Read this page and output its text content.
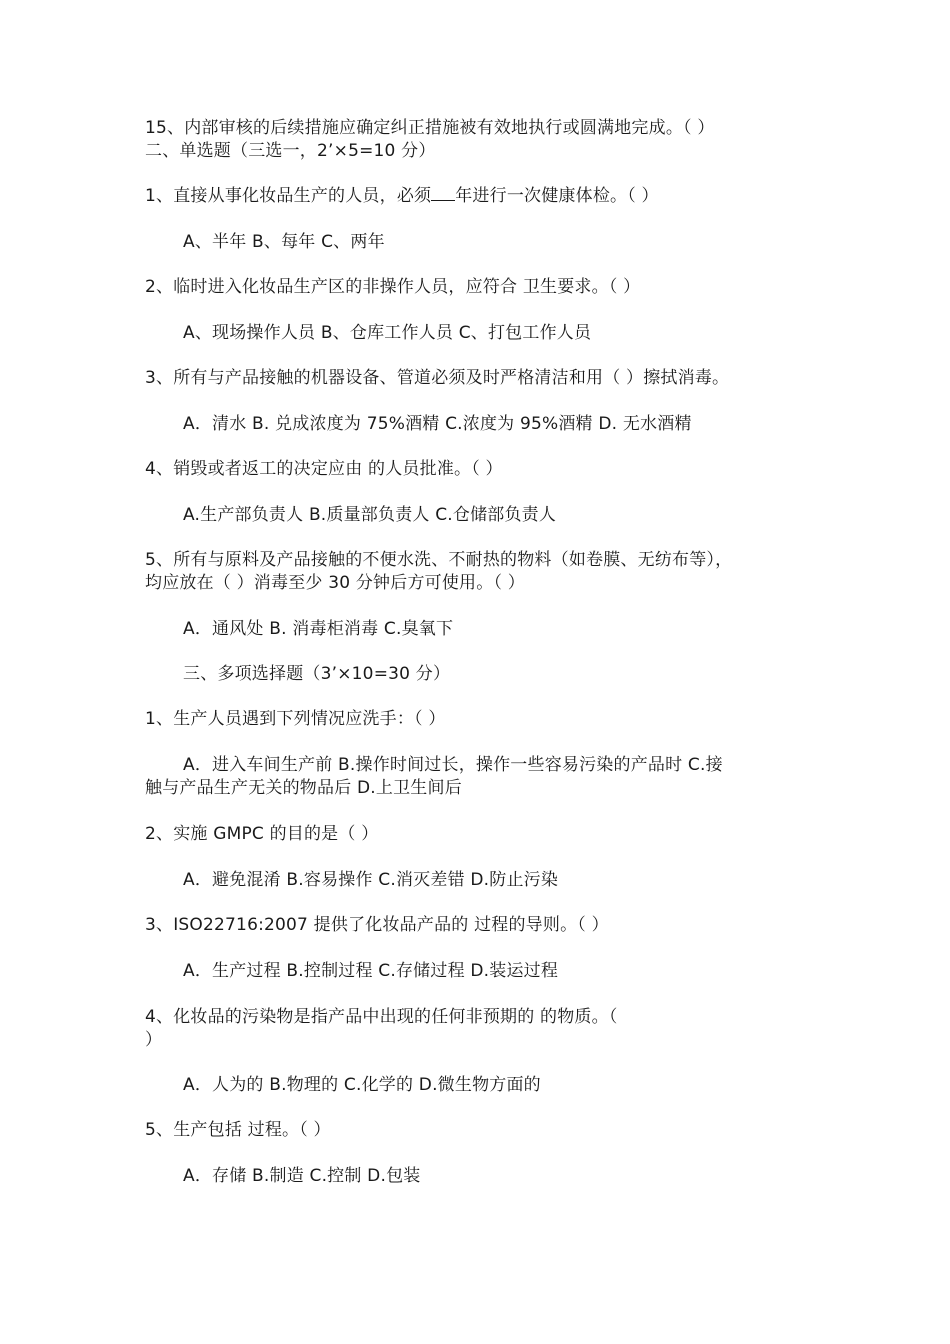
15、内部审核的后续措施应确定纠正措施被有效地执行或圆满地完成。（ ）
二、单选题（三选一，2’×5=10 分）
1、直接从事化妆品生产的人员，必须 年进行一次健康体检。（ ）
A、半年 B、每年 C、两年
2、临时进入化妆品生产区的非操作人员，应符合 卫生要求。（ ）
A、现场操作人员 B、仓库工作人员 C、打包工作人员
3、所有与产品接触的机器设备、管道必须及时严格清洁和用（ ）擦拭消毒。
A．清水 B. 兑成浓度为 75%酒精 C.浓度为 95%酒精 D. 无水酒精
4、销毁或者返工的决定应由 的人员批准。（ ）
A.生产部负责人 B.质量部负责人 C.仓储部负责人
5、所有与原料及产品接触的不便水洗、不耐热的物料（如卷膜、无纺布等），
均应放在（ ）消毒至少 30 分钟后方可使用。（ ）
A．通风处 B. 消毒柜消毒 C.臭氧下
三、多项选择题（3’×10=30 分）
1、生产人员遇到下列情况应洗手：（ ）
A．进入车间生产前 B.操作时间过长，操作一些容易污染的产品时 C.接
触与产品生产无关的物品后 D.上卫生间后
2、实施 GMPC 的目的是（ ）
A．避免混淆 B.容易操作 C.消灭差错 D.防止污染
3、ISO22716:2007 提供了化妆品产品的 过程的导则。（ ）
A．生产过程 B.控制过程 C.存储过程 D.装运过程
4、化妆品的污染物是指产品中出现的任何非预期的 的物质。（
）
A．人为的 B.物理的 C.化学的 D.微生物方面的
5、生产包括 过程。（ ）
A．存储 B.制造 C.控制 D.包装
